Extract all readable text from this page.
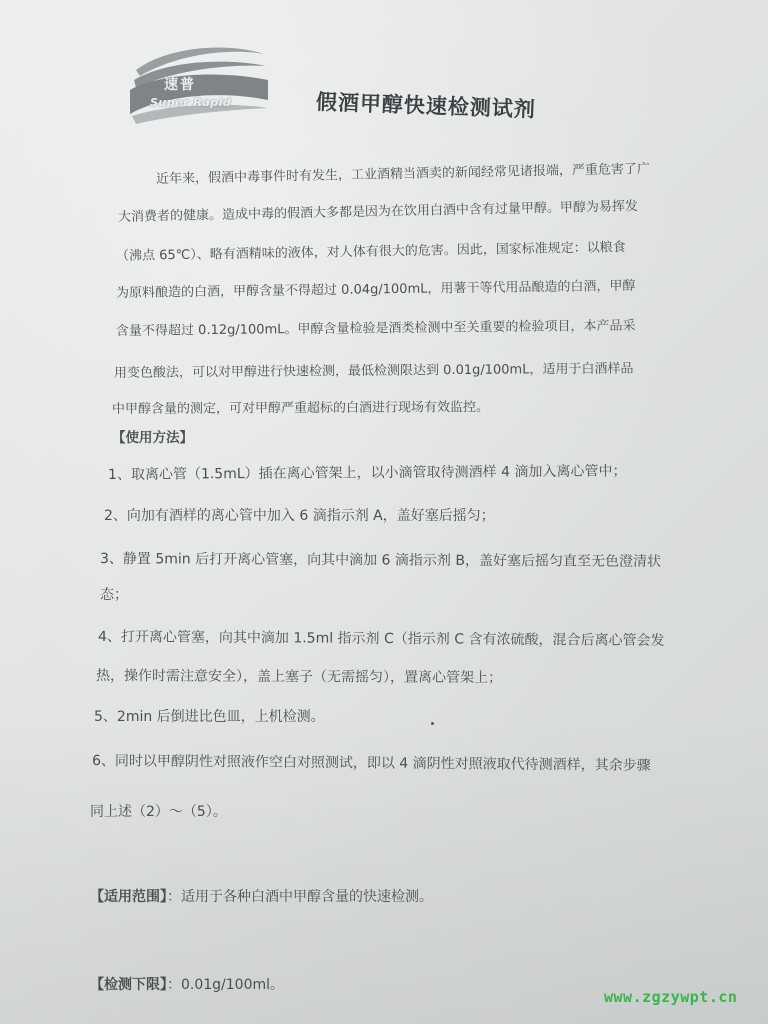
速普
Super Rapid	假酒甲醇快速检测试剂
近年来，假酒中毒事件时有发生，工业酒精当酒卖的新闻经常见诸报端，严重危害了广
大消费者的健康。造成中毒的假酒大多都是因为在饮用白酒中含有过量甲醇。甲醇为易挥发
（沸点 65℃）、略有酒精味的液体，对人体有很大的危害。因此，国家标准规定：以粮食
为原料酿造的白酒，甲醇含量不得超过 0.04g/100mL，用薯干等代用品酿造的白酒，甲醇
含量不得超过 0.12g/100mL。甲醇含量检验是酒类检测中至关重要的检验项目，本产品采
用变色酸法，可以对甲醇进行快速检测，最低检测限达到 0.01g/100mL，适用于白酒样品
中甲醇含量的测定，可对甲醇严重超标的白酒进行现场有效监控。
【使用方法】
1、取离心管（1.5mL）插在离心管架上，以小滴管取待测酒样 4 滴加入离心管中；
2、向加有酒样的离心管中加入 6 滴指示剂 A，盖好塞后摇匀；
3、静置 5min 后打开离心管塞，向其中滴加 6 滴指示剂 B，盖好塞后摇匀直至无色澄清状
态；
4、打开离心管塞，向其中滴加 1.5ml 指示剂 C（指示剂 C 含有浓硫酸，混合后离心管会发
热，操作时需注意安全），盖上塞子（无需摇匀），置离心管架上；
5、2min 后倒进比色皿，上机检测。
6、同时以甲醇阴性对照液作空白对照测试，即以 4 滴阴性对照液取代待测酒样，其余步骤
同上述（2）～（5）。
【适用范围】：适用于各种白酒中甲醇含量的快速检测。
【检测下限】：0.01g/100ml。
www.zgzywpt.cn
